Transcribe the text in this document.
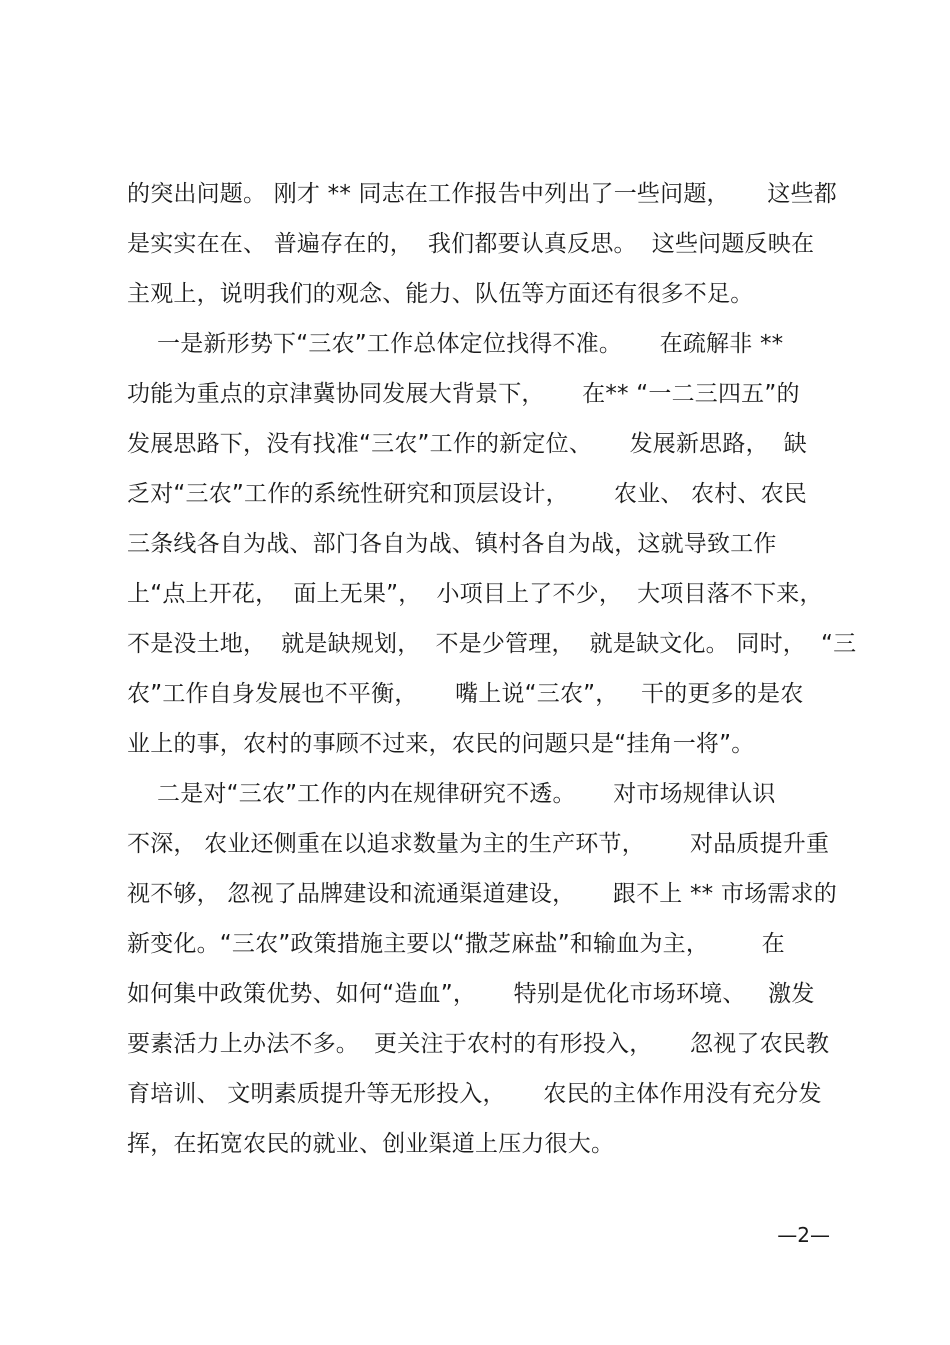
的突出问题。 刚才 ** 同志在工作报告中列出了一些问题，     这些都
是实实在在、 普遍存在的，  我们都要认真反思。  这些问题反映在
主观上，说明我们的观念、能力、队伍等方面还有很多不足。
一是新形势下“三农”工作总体定位找得不准。     在疏解非 **
功能为重点的京津冀协同发展大背景下，     在** “一二三四五”的
发展思路下，没有找准“三农”工作的新定位、     发展新思路，  缺
乏对“三农”工作的系统性研究和顶层设计，      农业、 农村、农民
三条线各自为战、部门各自为战、镇村各自为战，这就导致工作
上“点上开花，  面上无果”，  小项目上了不少，  大项目落不下来，
不是没土地，  就是缺规划，  不是少管理，  就是缺文化。 同时，  “三
农”工作自身发展也不平衡，     嘴上说“三农”，   干的更多的是农
业上的事，农村的事顾不过来，农民的问题只是“挂角一将”。
二是对“三农”工作的内在规律研究不透。     对市场规律认识
不深， 农业还侧重在以追求数量为主的生产环节，      对品质提升重
视不够， 忽视了品牌建设和流通渠道建设，     跟不上 ** 市场需求的
新变化。“三农”政策措施主要以“撒芝麻盐”和输血为主，       在
如何集中政策优势、如何“造血”，     特别是优化市场环境、   激发
要素活力上办法不多。  更关注于农村的有形投入，     忽视了农民教
育培训、 文明素质提升等无形投入，     农民的主体作用没有充分发
挥，在拓宽农民的就业、创业渠道上压力很大。
—2—
